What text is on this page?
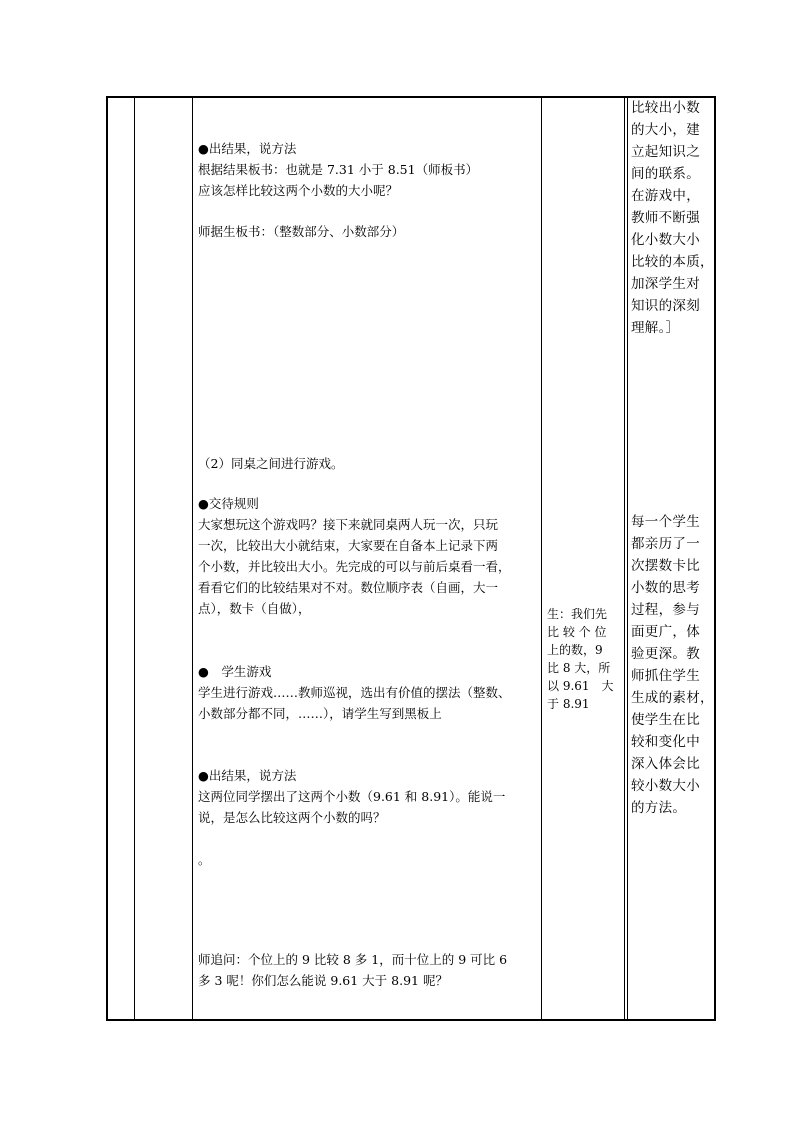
●出结果，说方法
根据结果板书：也就是 7.31 小于 8.51（师板书）
应该怎样比较这两个小数的大小呢？
师据生板书：（整数部分、小数部分）
（2）同桌之间进行游戏。
●交待规则
大家想玩这个游戏吗？接下来就同桌两人玩一次，只玩
一次，比较出大小就结束，大家要在自备本上记录下两
个小数，并比较出大小。先完成的可以与前后桌看一看，
看看它们的比较结果对不对。数位顺序表（自画，大一
点），数卡（自做），
●　学生游戏
学生进行游戏……教师巡视，选出有价值的摆法（整数、
小数部分都不同，……），请学生写到黑板上
●出结果，说方法
这两位同学摆出了这两个小数（9.61 和 8.91）。能说一
说，是怎么比较这两个小数的吗？
。
师追问：个位上的 9 比较 8 多 1，而十位上的 9 可比 6
多 3 呢！你们怎么能说 9.61 大于 8.91 呢？
生：我们先
比 较 个 位
上的数，9
比 8 大，所
以 9.61　大
于 8.91
比较出小数
的大小，建
立起知识之
间的联系。
在游戏中，
教师不断强
化小数大小
比较的本质，
加深学生对
知识的深刻
理解。］
每一个学生
都亲历了一
次摆数卡比
小数的思考
过程，参与
面更广，体
验更深。教
师抓住学生
生成的素材，
使学生在比
较和变化中
深入体会比
较小数大小
的方法。
